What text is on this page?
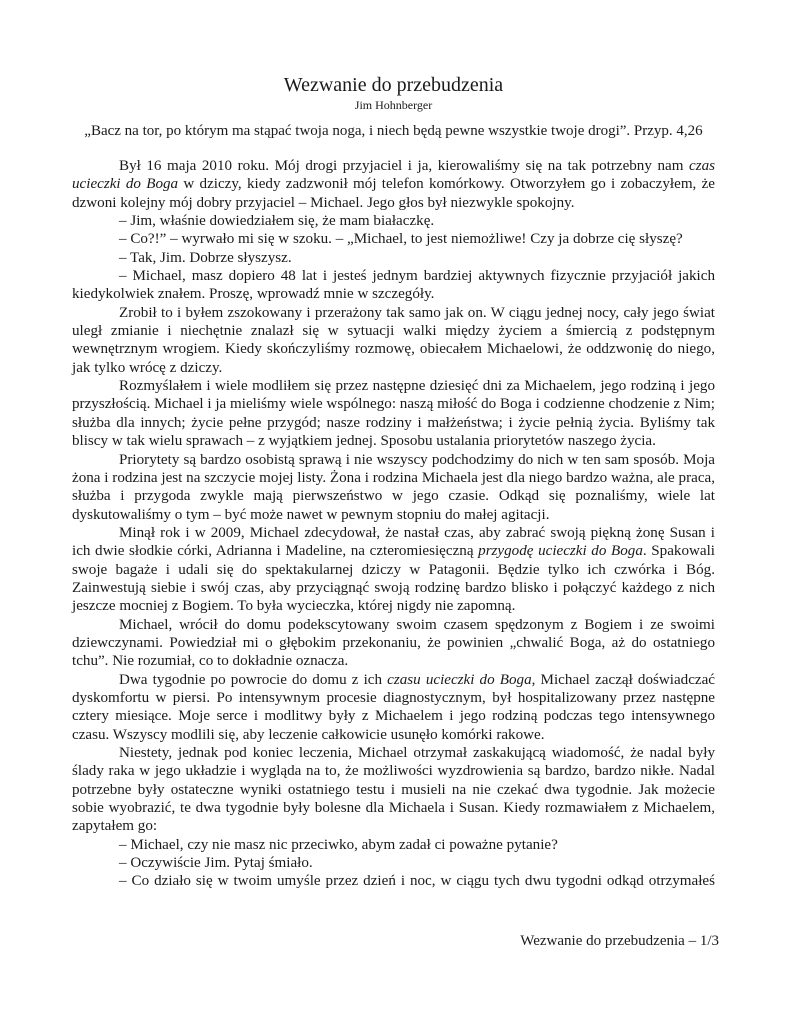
Wezwanie do przebudzenia
Jim Hohnberger
„Bacz na tor, po którym ma stąpać twoja noga, i niech będą pewne wszystkie twoje drogi”. Przyp. 4,26

Był 16 maja 2010 roku. Mój drogi przyjaciel i ja, kierowaliśmy się na tak potrzebny nam czas ucieczki do Boga w dziczy, kiedy zadzwonił mój telefon komórkowy. Otworzyłem go i zobaczyłem, że dzwoni kolejny mój dobry przyjaciel – Michael. Jego głos był niezwykle spokojny.

– Jim, właśnie dowiedziałem się, że mam białaczkę.

– Co?!” – wyrwało mi się w szoku. – „Michael, to jest niemożliwe! Czy ja dobrze cię słyszę?

– Tak, Jim. Dobrze słyszysz.

– Michael, masz dopiero 48 lat i jesteś jednym bardziej aktywnych fizycznie przyjaciół jakich kiedykolwiek znałem. Proszę, wprowadź mnie w szczegóły.

Zrobił to i byłem zszokowany i przerażony tak samo jak on. W ciągu jednej nocy, cały jego świat uległ zmianie i niechętnie znalazł się w sytuacji walki między życiem a śmiercią z podstępnym wewnętrznym wrogiem. Kiedy skończyliśmy rozmowę, obiecałem Michaelowi, że oddzwonię do niego, jak tylko wrócę z dziczy.

Rozmyślałem i wiele modliłem się przez następne dziesięć dni za Michaelem, jego rodziną i jego przyszłością. Michael i ja mieliśmy wiele wspólnego: naszą miłość do Boga i codzienne chodzenie z Nim; służba dla innych; życie pełne przygód; nasze rodziny i małżeństwa; i życie pełnią życia. Byliśmy tak bliscy w tak wielu sprawach – z wyjątkiem jednej. Sposobu ustalania priorytetów naszego życia.

Priorytety są bardzo osobistą sprawą i nie wszyscy podchodzimy do nich w ten sam sposób. Moja żona i rodzina jest na szczycie mojej listy. Żona i rodzina Michaela jest dla niego bardzo ważna, ale praca, służba i przygoda zwykle mają pierwszeństwo w jego czasie. Odkąd się poznaliśmy, wiele lat dyskutowaliśmy o tym – być może nawet w pewnym stopniu do małej agitacji.

Minął rok i w 2009, Michael zdecydował, że nastał czas, aby zabrać swoją piękną żonę Susan i ich dwie słodkie córki, Adrianna i Madeline, na czteromiesięczną przygodę ucieczki do Boga. Spakowali swoje bagaże i udali się do spektakularnej dziczy w Patagonii. Będzie tylko ich czwórka i Bóg. Zainwestują siebie i swój czas, aby przyciągnąć swoją rodzinę bardzo blisko i połączyć każdego z nich jeszcze mocniej z Bogiem. To była wycieczka, której nigdy nie zapomną.

Michael, wrócił do domu podekscytowany swoim czasem spędzonym z Bogiem i ze swoimi dziewczynami. Powiedział mi o głębokim przekonaniu, że powinien „chwalić Boga, aż do ostatniego tchu”. Nie rozumiał, co to dokładnie oznacza.

Dwa tygodnie po powrocie do domu z ich czasu ucieczki do Boga, Michael zaczął doświadczać dyskomfortu w piersi. Po intensywnym procesie diagnostycznym, był hospitalizowany przez następne cztery miesiące. Moje serce i modlitwy były z Michaelem i jego rodziną podczas tego intensywnego czasu. Wszyscy modlili się, aby leczenie całkowicie usunęło komórki rakowe.

Niestety, jednak pod koniec leczenia, Michael otrzymał zaskakującą wiadomość, że nadal były ślady raka w jego układzie i wygląda na to, że możliwości wyzdrowienia są bardzo, bardzo nikłe. Nadal potrzebne były ostateczne wyniki ostatniego testu i musieli na nie czekać dwa tygodnie. Jak możecie sobie wyobrazić, te dwa tygodnie były bolesne dla Michaela i Susan. Kiedy rozmawiałem z Michaelem, zapytałem go:

– Michael, czy nie masz nic przeciwko, abym zadał ci poważne pytanie?

– Oczywiście Jim. Pytaj śmiało.

– Co działo się w twoim umyśle przez dzień i noc, w ciągu tych dwu tygodni odkąd otrzymałeś

Wezwanie do przebudzenia – 1/3
